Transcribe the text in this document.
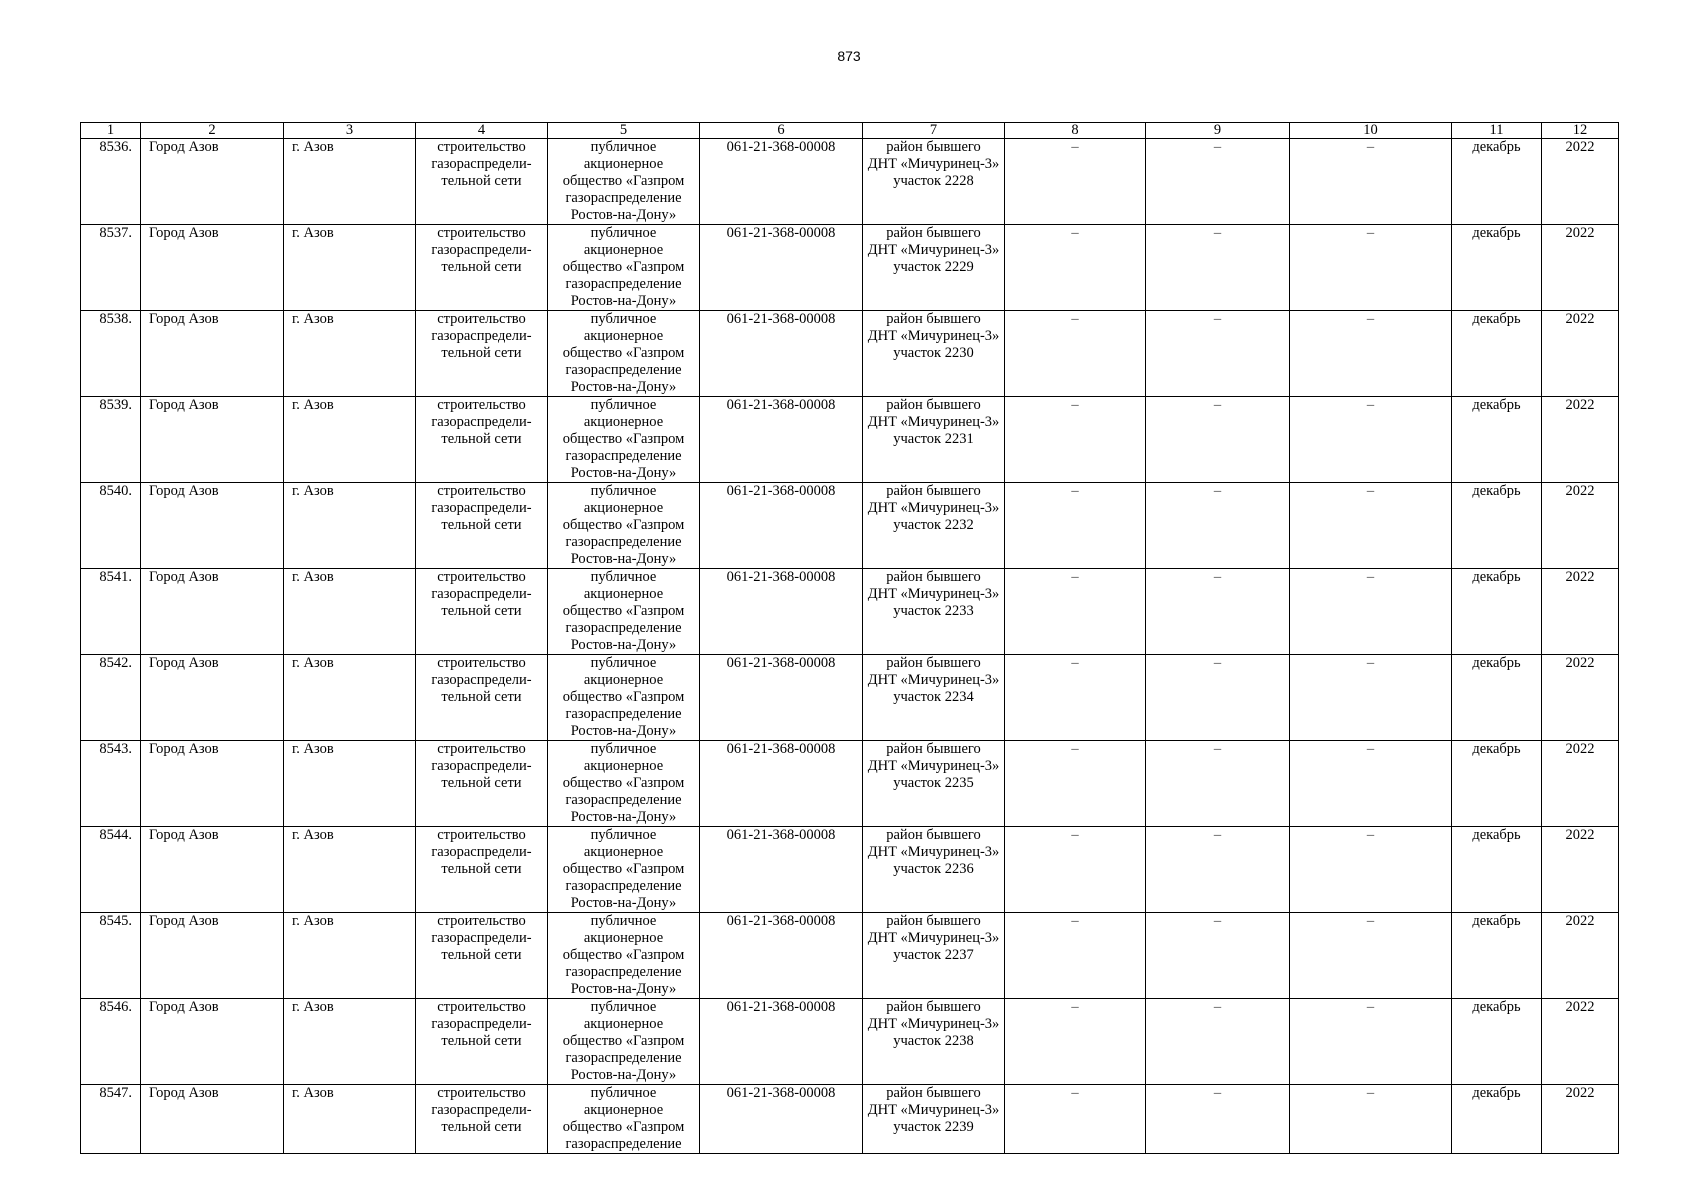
873
1	2	3	4	5	6	7	8	9	10	11	12
8536.	Город Азов	г. Азов	строительство
газораспредели-
тельной сети	публичное
акционерное
общество «Газпром
газораспределение
Ростов-на-Дону»	061-21-368-00008	район бывшего
ДНТ «Мичуринец-3»
участок 2228	–	–	–	декабрь	2022
8537.	Город Азов	г. Азов	строительство
газораспредели-
тельной сети	публичное
акционерное
общество «Газпром
газораспределение
Ростов-на-Дону»	061-21-368-00008	район бывшего
ДНТ «Мичуринец-3»
участок 2229	–	–	–	декабрь	2022
8538.	Город Азов	г. Азов	строительство
газораспредели-
тельной сети	публичное
акционерное
общество «Газпром
газораспределение
Ростов-на-Дону»	061-21-368-00008	район бывшего
ДНТ «Мичуринец-3»
участок 2230	–	–	–	декабрь	2022
8539.	Город Азов	г. Азов	строительство
газораспредели-
тельной сети	публичное
акционерное
общество «Газпром
газораспределение
Ростов-на-Дону»	061-21-368-00008	район бывшего
ДНТ «Мичуринец-3»
участок 2231	–	–	–	декабрь	2022
8540.	Город Азов	г. Азов	строительство
газораспредели-
тельной сети	публичное
акционерное
общество «Газпром
газораспределение
Ростов-на-Дону»	061-21-368-00008	район бывшего
ДНТ «Мичуринец-3»
участок 2232	–	–	–	декабрь	2022
8541.	Город Азов	г. Азов	строительство
газораспредели-
тельной сети	публичное
акционерное
общество «Газпром
газораспределение
Ростов-на-Дону»	061-21-368-00008	район бывшего
ДНТ «Мичуринец-3»
участок 2233	–	–	–	декабрь	2022
8542.	Город Азов	г. Азов	строительство
газораспредели-
тельной сети	публичное
акционерное
общество «Газпром
газораспределение
Ростов-на-Дону»	061-21-368-00008	район бывшего
ДНТ «Мичуринец-3»
участок 2234	–	–	–	декабрь	2022
8543.	Город Азов	г. Азов	строительство
газораспредели-
тельной сети	публичное
акционерное
общество «Газпром
газораспределение
Ростов-на-Дону»	061-21-368-00008	район бывшего
ДНТ «Мичуринец-3»
участок 2235	–	–	–	декабрь	2022
8544.	Город Азов	г. Азов	строительство
газораспредели-
тельной сети	публичное
акционерное
общество «Газпром
газораспределение
Ростов-на-Дону»	061-21-368-00008	район бывшего
ДНТ «Мичуринец-3»
участок 2236	–	–	–	декабрь	2022
8545.	Город Азов	г. Азов	строительство
газораспредели-
тельной сети	публичное
акционерное
общество «Газпром
газораспределение
Ростов-на-Дону»	061-21-368-00008	район бывшего
ДНТ «Мичуринец-3»
участок 2237	–	–	–	декабрь	2022
8546.	Город Азов	г. Азов	строительство
газораспредели-
тельной сети	публичное
акционерное
общество «Газпром
газораспределение
Ростов-на-Дону»	061-21-368-00008	район бывшего
ДНТ «Мичуринец-3»
участок 2238	–	–	–	декабрь	2022
8547.	Город Азов	г. Азов	строительство
газораспредели-
тельной сети	публичное
акционерное
общество «Газпром
газораспределение	061-21-368-00008	район бывшего
ДНТ «Мичуринец-3»
участок 2239	–	–	–	декабрь	2022
